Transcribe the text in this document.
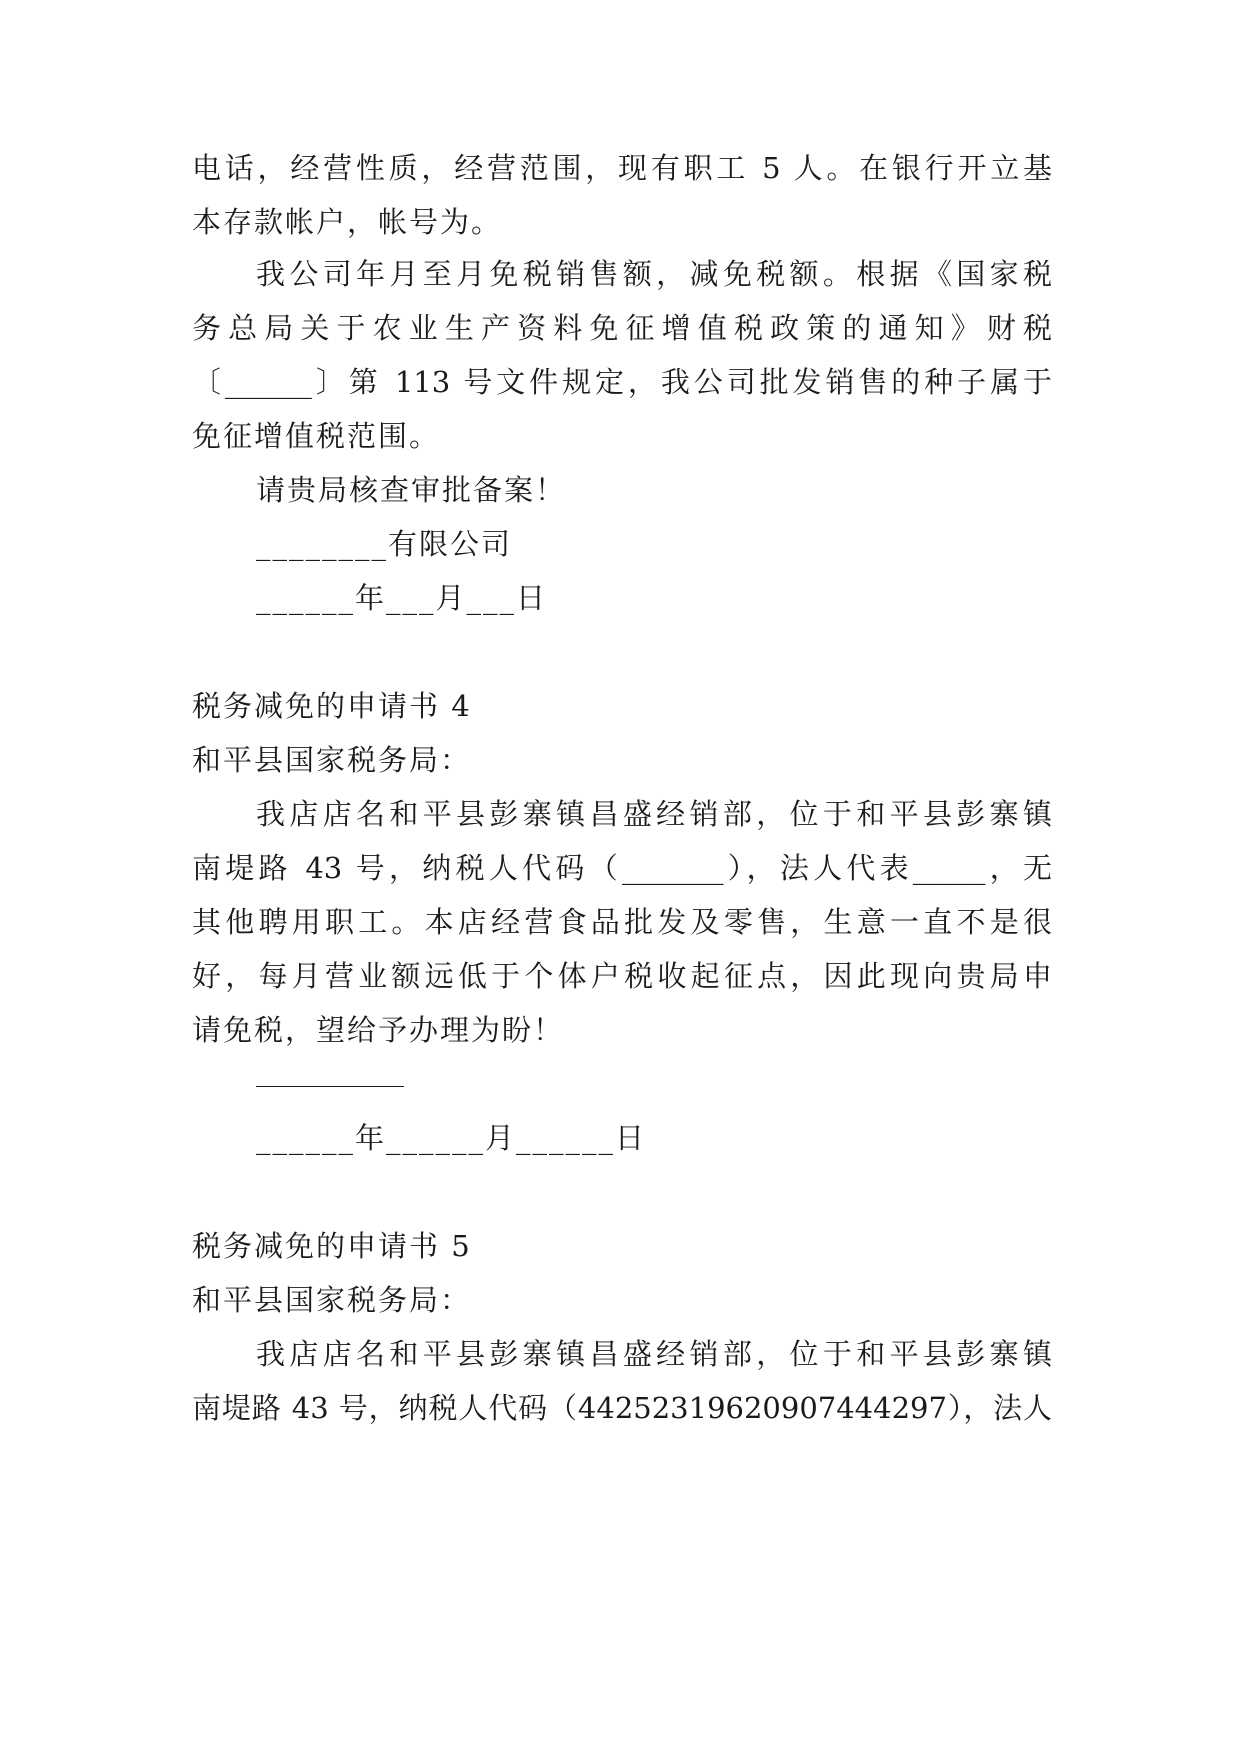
电话，经营性质，经营范围，现有职工 5 人。在银行开立基
本存款帐户，帐号为。
我公司年月至月免税销售额，减免税额。根据《国家税
务总局关于农业生产资料免征增值税政策的通知》财税
〔______〕第 113 号文件规定，我公司批发销售的种子属于
免征增值税范围。
请贵局核查审批备案！
________有限公司
______年___月___日
税务减免的申请书 4
和平县国家税务局：
我店店名和平县彭寨镇昌盛经销部，位于和平县彭寨镇
南堤路 43 号，纳税人代码（_______），法人代表_____，无
其他聘用职工。本店经营食品批发及零售，生意一直不是很
好，每月营业额远低于个体户税收起征点，因此现向贵局申
请免税，望给予办理为盼！
______年______月______日
税务减免的申请书 5
和平县国家税务局：
我店店名和平县彭寨镇昌盛经销部，位于和平县彭寨镇
南堤路 43 号，纳税人代码（44252319620907444297），法人
